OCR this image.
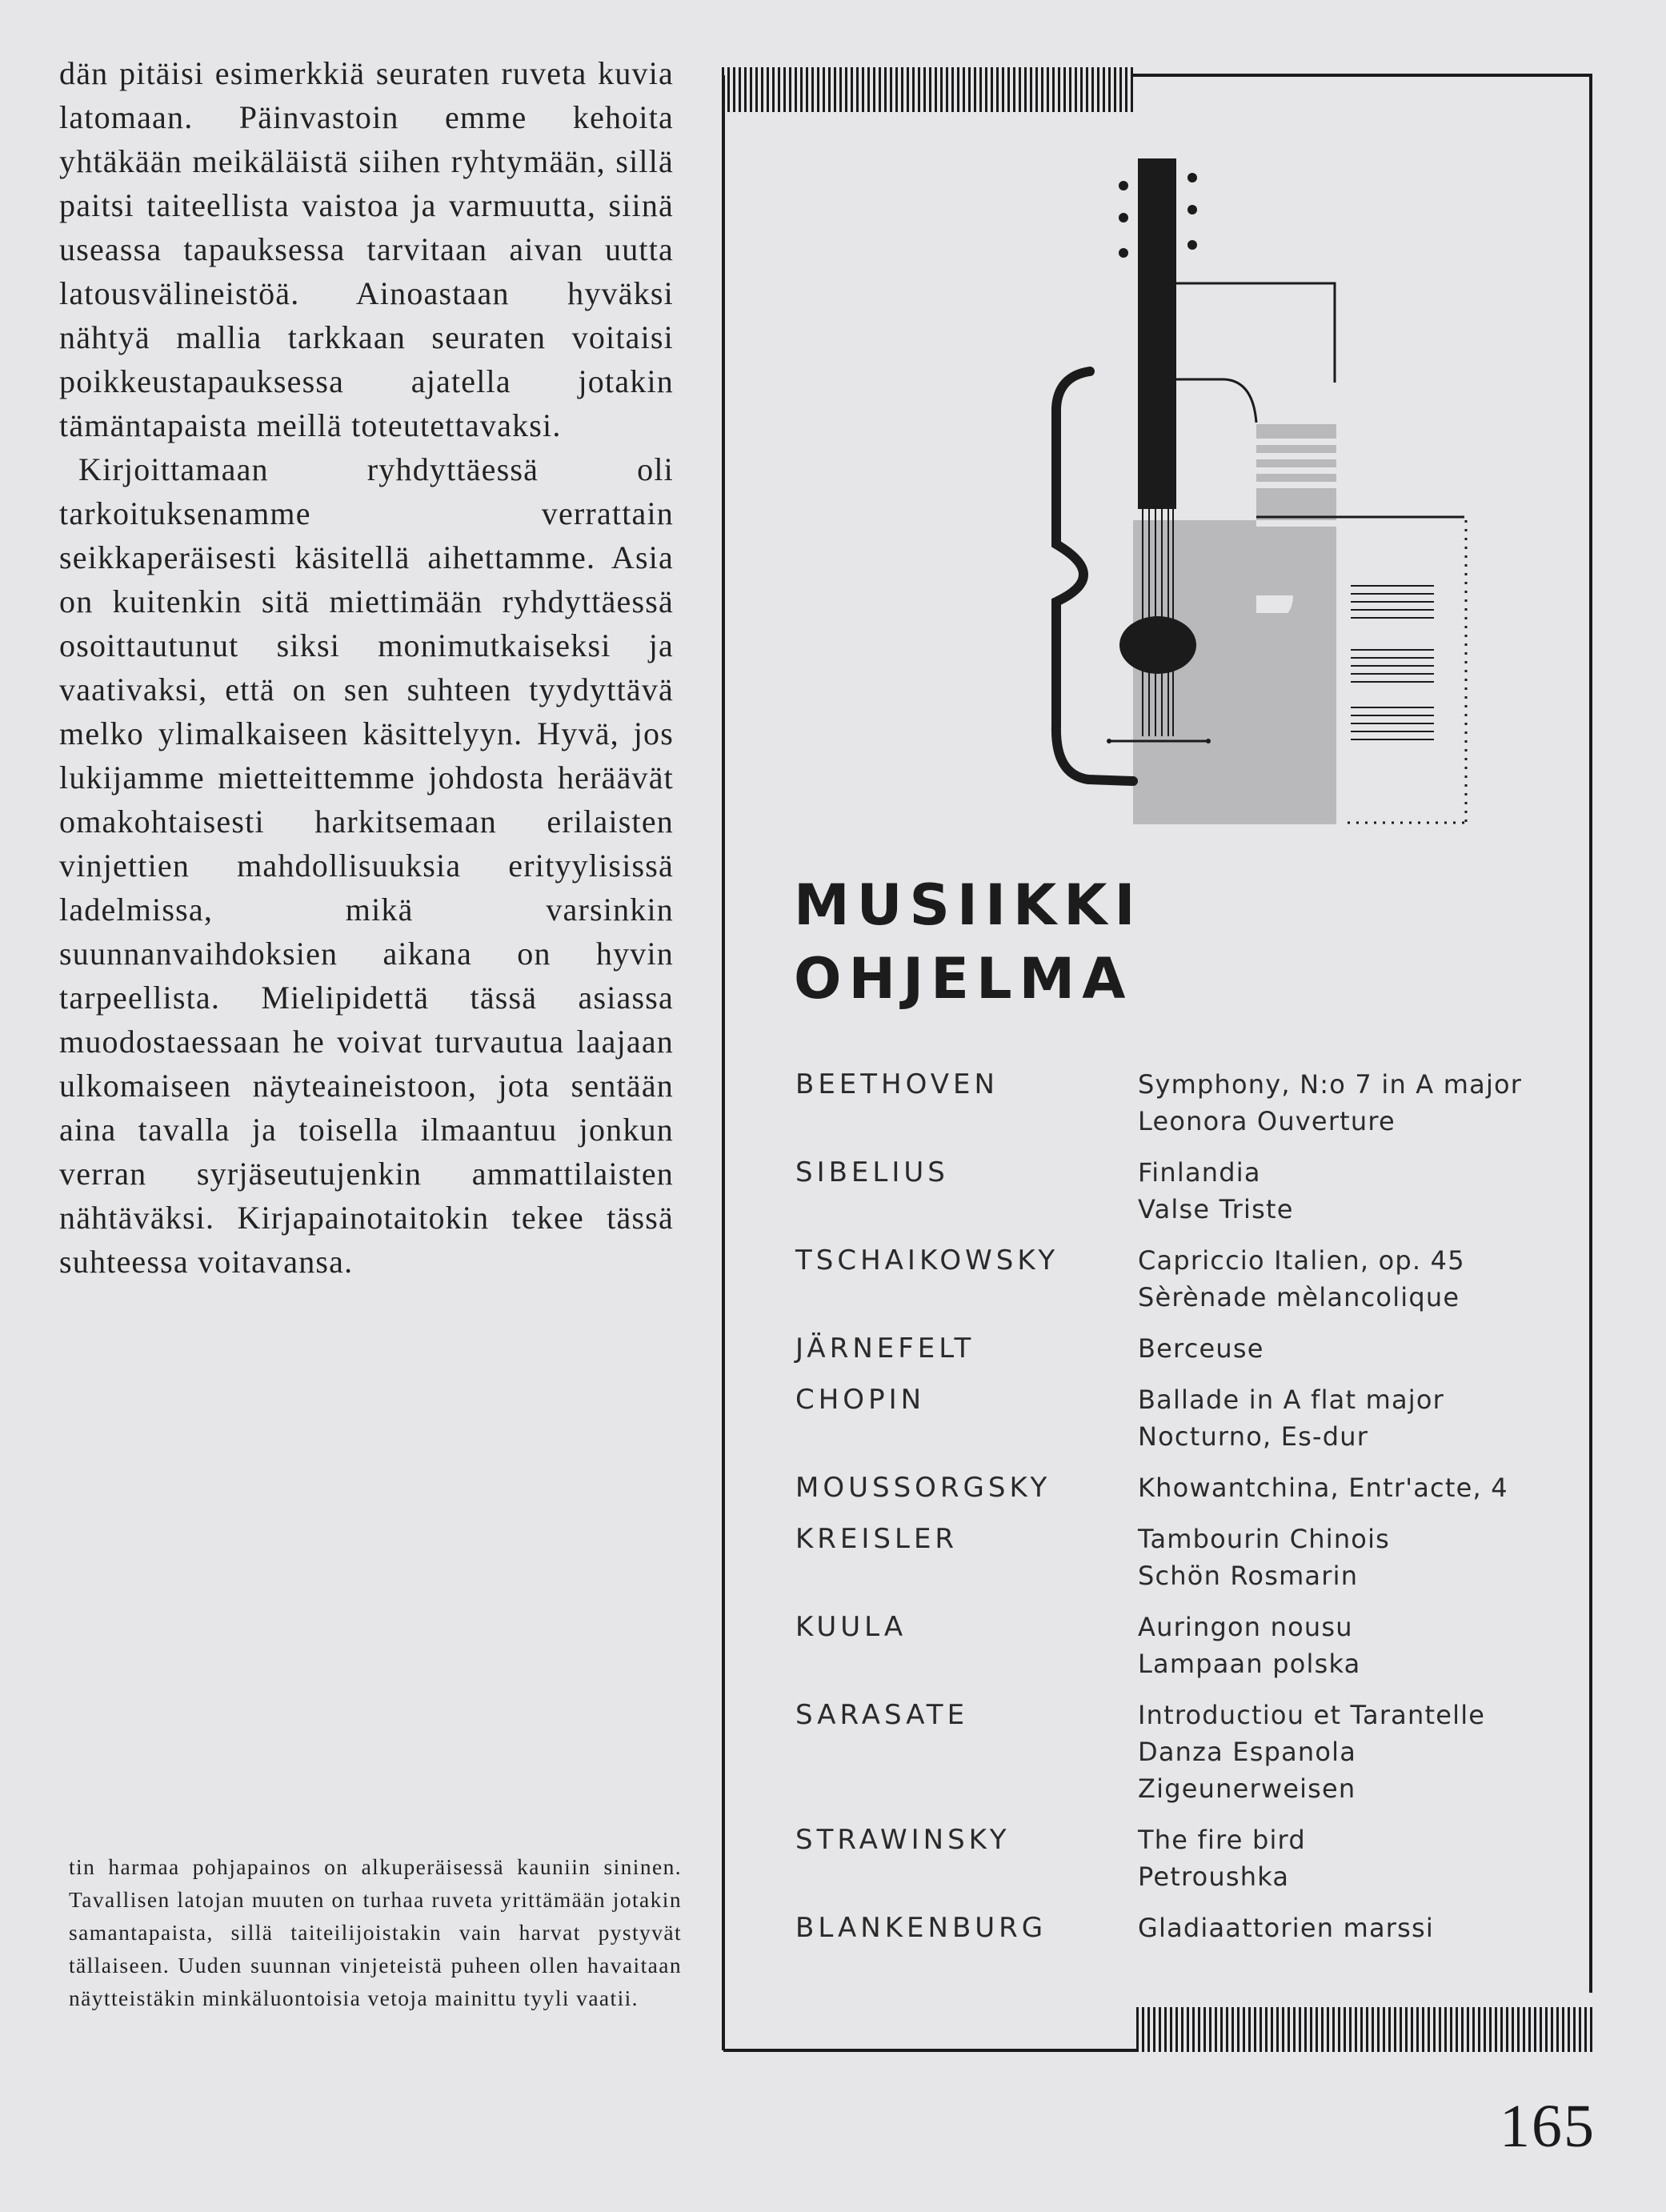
dän pitäisi esimerkkiä seuraten ruveta kuvia latomaan. Päinvastoin emme kehoita yhtäkään meikäläistä siihen ryhtymään, sillä paitsi taiteellista vaistoa ja varmuutta, siinä useassa tapauksessa tarvitaan aivan uutta latousvälineistöä. Ainoastaan hyväksi nähtyä mallia tarkkaan seuraten voitaisi poikkeustapauksessa ajatella jotakin tämäntapaista meillä toteutettavaksi.

Kirjoittamaan ryhdyttäessä oli tarkoituksenamme verrattain seikkaperäisesti käsitellä aihettamme. Asia on kuitenkin sitä miettimään ryhdyttäessä osoittautunut siksi monimutkaiseksi ja vaativaksi, että on sen suhteen tyydyttävä melko ylimalkaiseen käsittelyyn. Hyvä, jos lukijamme mietteittemme johdosta heräävät omakohtaisesti harkitsemaan erilaisten vinjettien mahdollisuuksia erityylisissä ladelmissa, mikä varsinkin suunnanvaihdoksien aikana on hyvin tarpeellista. Mielipidettä tässä asiassa muodostaessaan he voivat turvautua laajaan ulkomaiseen näyteaineistoon, jota sentään aina tavalla ja toisella ilmaantuu jonkun verran syrjäseutujenkin ammattilaisten nähtäväksi. Kirjapainotaitokin tekee tässä suhteessa voitavansa.

tin harmaa pohjapainos on alkuperäisessä kauniin sininen. Tavallisen latojan muuten on turhaa ruveta yrittämään jotakin samantapaista, sillä taiteilijoistakin vain harvat pystyvät tällaiseen. Uuden suunnan vinjeteistä puheen ollen havaitaan näytteistäkin minkäluontoisia vetoja mainittu tyyli vaatii.
MUSIIKKI
OHJELMA
BEETHOVEN	Symphony, N:o 7 in A major
Leonora Ouverture
SIBELIUS	Finlandia
Valse Triste
TSCHAIKOWSKY	Capriccio Italien, op. 45
Sèrènade mèlancolique
JÄRNEFELT	Berceuse
CHOPIN	Ballade in A flat major
Nocturno, Es-dur
MOUSSORGSKY	Khowantchina, Entr'acte, 4
KREISLER	Tambourin Chinois
Schön Rosmarin
KUULA	Auringon nousu
Lampaan polska
SARASATE	Introductiou et Tarantelle
Danza Espanola
Zigeunerweisen
STRAWINSKY	The fire bird
Petroushka
BLANKENBURG	Gladiaattorien marssi
165
